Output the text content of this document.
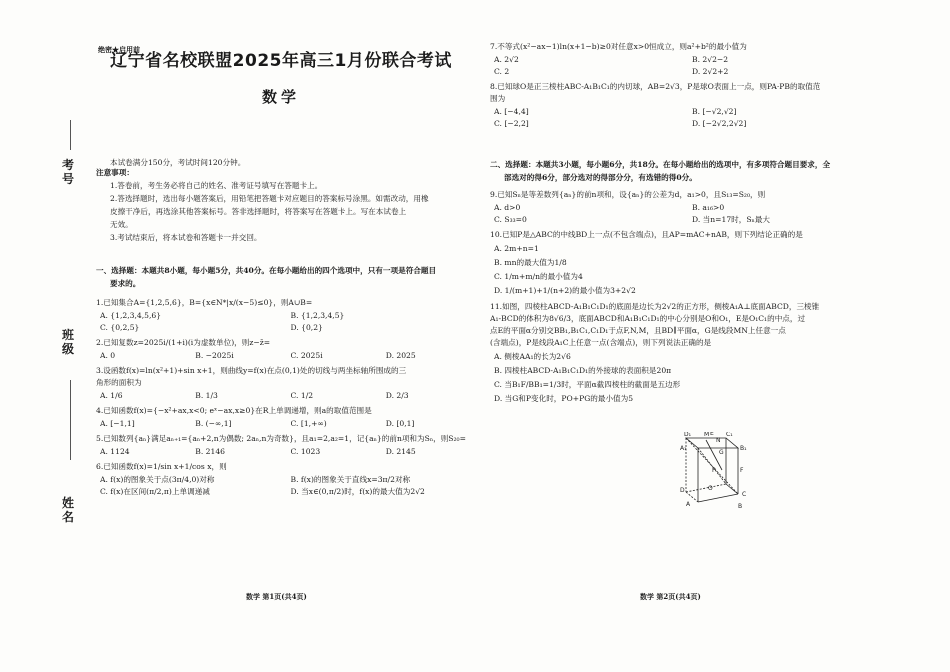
考号
班级
姓名
绝密★启用前
辽宁省名校联盟2025年高三1月份联合考试
数学
本试卷满分150分，考试时间120分钟。
注意事项：
1.答卷前，考生务必将自己的姓名、准考证号填写在答题卡上。
2.答选择题时，选出每小题答案后，用铅笔把答题卡对应题目的答案标号涂黑。如需改动，用橡
皮擦干净后，再选涂其他答案标号。答非选择题时，将答案写在答题卡上。写在本试卷上
无效。
3.考试结束后，将本试卷和答题卡一并交回。
一、选择题：本题共8小题，每小题5分，共40分。在每小题给出的四个选项中，只有一项是符合题目
要求的。
1.已知集合A={1,2,5,6}，B={x∈N*|x/(x−5)≤0}，则A∪B=
A. {1,2,3,4,5,6}	B. {1,2,3,4,5}
C. {0,2,5}	D. {0,2}
2.已知复数z=2025i/(1+i)(i为虚数单位)，则z−z̄=
A. 0	B. −2025i	C. 2025i	D. 2025
3.设函数f(x)=ln(x²+1)+sin x+1，则曲线y=f(x)在点(0,1)处的切线与两坐标轴所围成的三
角形的面积为
A. 1/6	B. 1/3	C. 1/2	D. 2/3
4.已知函数f(x)={−x²+ax,x<0; eˣ−ax,x≥0}在R上单调递增，则a的取值范围是
A. [−1,1]	B. (−∞,1]	C. [1,+∞)	D. [0,1]
5.已知数列{aₙ}满足aₙ₊₁={aₙ+2,n为偶数; 2aₙ,n为奇数}，且a₁=2,a₂=1，记{aₙ}的前n项和为Sₙ，则S₂₀=
A. 1124	B. 2146	C. 1023	D. 2145
6.已知函数f(x)=1/sin x+1/cos x，则
A. f(x)的图象关于点(3π/4,0)对称	B. f(x)的图象关于直线x=3π/2对称
C. f(x)在区间(π/2,π)上单调递减	D. 当x∈(0,π/2)时，f(x)的最大值为2√2
数学 第1页(共4页)
7.不等式(x²−ax−1)ln(x+1−b)≥0对任意x>0恒成立，则a²+b²的最小值为
A. 2√2	B. 2√2−2
C. 2	D. 2√2+2
8.已知球O是正三棱柱ABC-A₁B₁C₁的内切球，AB=2√3，P是球O表面上一点，则PA·PB的取值范
围为
A. [−4,4]	B. [−√2,√2]
C. [−2,2]	D. [−2√2,2√2]
二、选择题：本题共3小题，每小题6分，共18分。在每小题给出的选项中，有多项符合题目要求，全
部选对的得6分，部分选对的得部分分，有选错的得0分。
9.已知Sₙ是等差数列{aₙ}的前n项和，设{aₙ}的公差为d，a₁>0，且S₁₃=S₂₀，则
A. d>0	B. a₁₆>0
C. S₃₃=0	D. 当n=17时，Sₙ最大
10.已知P是△ABC的中线BD上一点(不包含端点)，且AP=mAC+nAB，则下列结论正确的是
A. 2m+n=1
B. mn的最大值为1/8
C. 1/m+m/n的最小值为4
D. 1/(m+1)+1/(n+2)的最小值为3+2√2
11.如图，四棱柱ABCD-A₁B₁C₁D₁的底面是边长为2√2的正方形，侧棱A₁A⊥底面ABCD，三棱锥
A₁-BCD的体积为8√6/3，底面ABCD和A₁B₁C₁D₁的中心分别是O和O₁，E是O₁C₁的中点，过
点E的平面α分别交BB₁,B₁C₁,C₁D₁于点F,N,M，且BD∥平面α，G是线段MN上任意一点
(含端点)，P是线段A₁C上任意一点(含端点)，则下列说法正确的是
A. 侧棱AA₁的长为2√6
B. 四棱柱ABCD-A₁B₁C₁D₁的外接球的表面积是20π
C. 当B₁F/BB₁=1/3时，平面α截四棱柱的截面是五边形
D. 当G和P变化时，PO+PG的最小值为5
D₁ M	C₁
A₁	B₁
N
E
G
P	F
D	O
C
A	B
数学 第2页(共4页)
